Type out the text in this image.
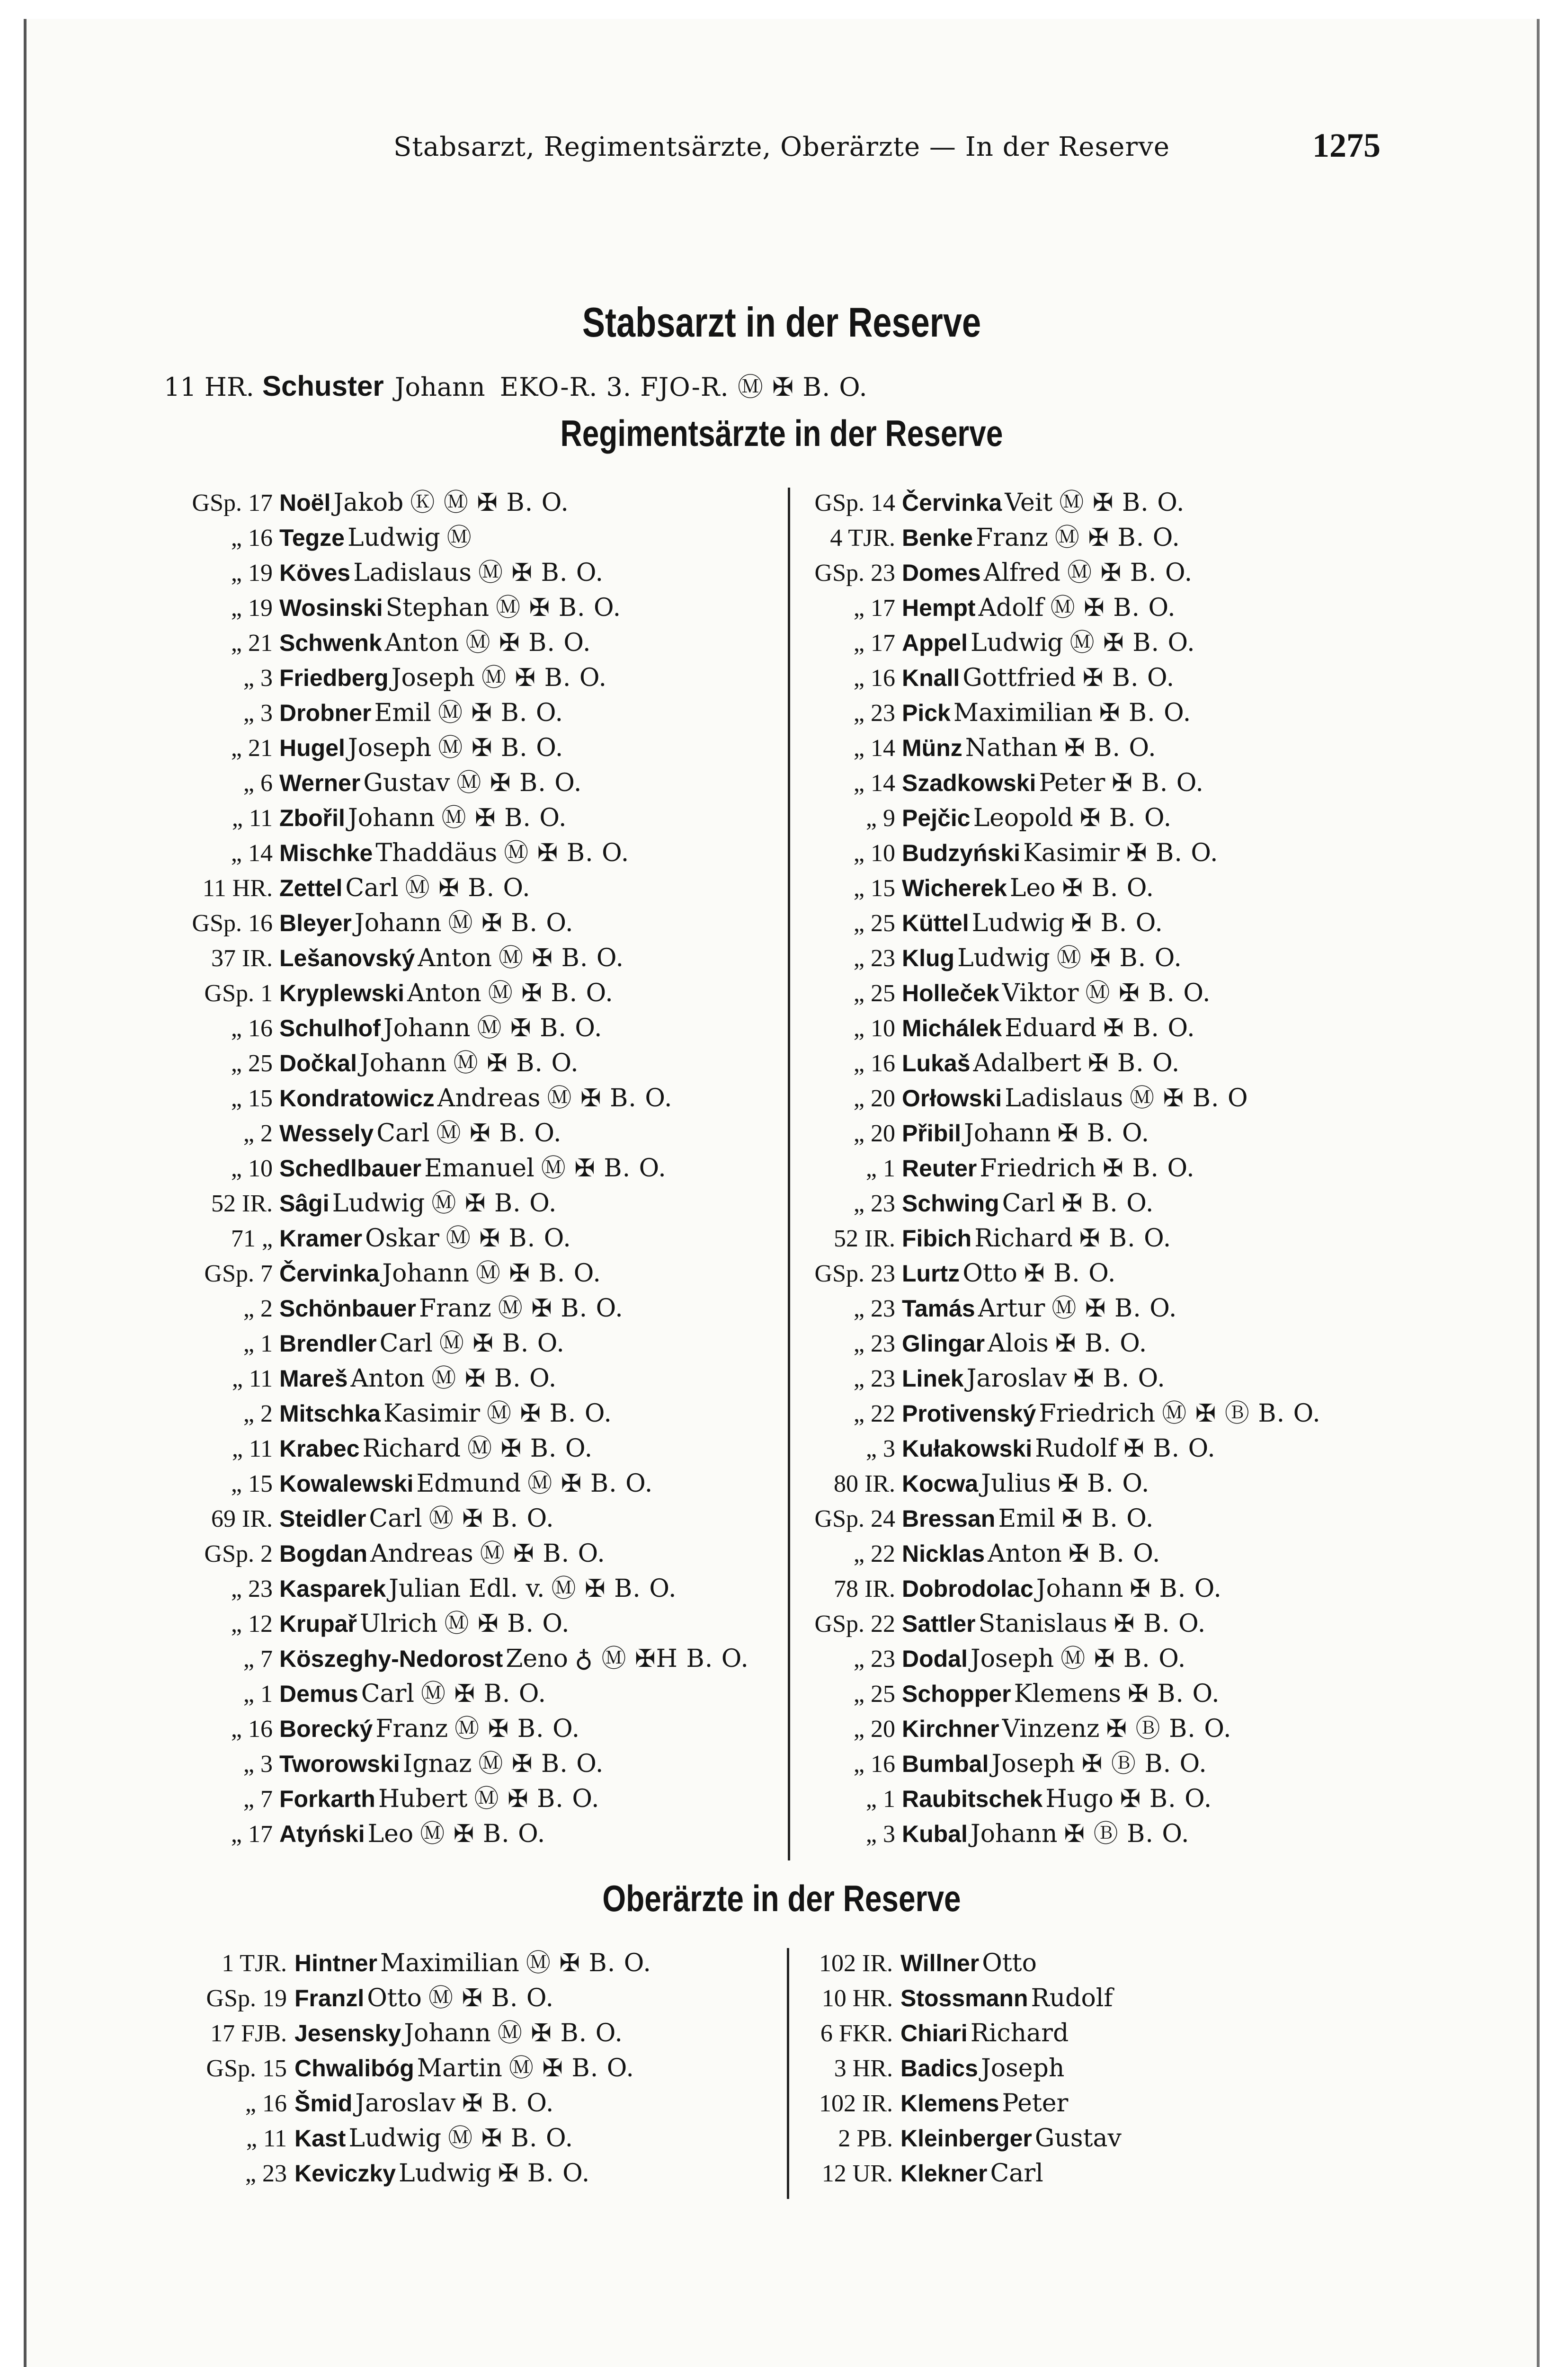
Stabsarzt, Regimentsärzte, Oberärzte — In der Reserve	1275
Stabsarzt in der Reserve
11 HR. Schuster Johann EKO-R. 3. FJO-R. Ⓜ ✠ B. O.
Regimentsärzte in der Reserve
GSp. 17 Noël Jakob Ⓚ Ⓜ ✠ B. O.
„ 16 Tegze Ludwig Ⓜ
„ 19 Köves Ladislaus Ⓜ ✠ B. O.
„ 19 Wosinski Stephan Ⓜ ✠ B. O.
„ 21 Schwenk Anton Ⓜ ✠ B. O.
„ 3 Friedberg Joseph Ⓜ ✠ B. O.
„ 3 Drobner Emil Ⓜ ✠ B. O.
„ 21 Hugel Joseph Ⓜ ✠ B. O.
„ 6 Werner Gustav Ⓜ ✠ B. O.
„ 11 Zbořil Johann Ⓜ ✠ B. O.
„ 14 Mischke Thaddäus Ⓜ ✠ B. O.
11 HR. Zettel Carl Ⓜ ✠ B. O.
GSp. 16 Bleyer Johann Ⓜ ✠ B. O.
37 IR. Lešanovský Anton Ⓜ ✠ B. O.
GSp. 1 Kryplewski Anton Ⓜ ✠ B. O.
„ 16 Schulhof Johann Ⓜ ✠ B. O.
„ 25 Dočkal Johann Ⓜ ✠ B. O.
„ 15 Kondratowicz Andreas Ⓜ ✠ B. O.
„ 2 Wessely Carl Ⓜ ✠ B. O.
„ 10 Schedlbauer Emanuel Ⓜ ✠ B. O.
52 IR. Sâgi Ludwig Ⓜ ✠ B. O.
71 „ Kramer Oskar Ⓜ ✠ B. O.
GSp. 7 Červinka Johann Ⓜ ✠ B. O.
„ 2 Schönbauer Franz Ⓜ ✠ B. O.
„ 1 Brendler Carl Ⓜ ✠ B. O.
„ 11 Mareš Anton Ⓜ ✠ B. O.
„ 2 Mitschka Kasimir Ⓜ ✠ B. O.
„ 11 Krabec Richard Ⓜ ✠ B. O.
„ 15 Kowalewski Edmund Ⓜ ✠ B. O.
69 IR. Steidler Carl Ⓜ ✠ B. O.
GSp. 2 Bogdan Andreas Ⓜ ✠ B. O.
„ 23 Kasparek Julian Edl. v. Ⓜ ✠ B. O.
„ 12 Krupař Ulrich Ⓜ ✠ B. O.
„ 7 Köszeghy-Nedorost Zeno ♁ Ⓜ ✠H B. O.
„ 1 Demus Carl Ⓜ ✠ B. O.
„ 16 Borecký Franz Ⓜ ✠ B. O.
„ 3 Tworowski Ignaz Ⓜ ✠ B. O.
„ 7 Forkarth Hubert Ⓜ ✠ B. O.
„ 17 Atyński Leo Ⓜ ✠ B. O.
GSp. 14 Červinka Veit Ⓜ ✠ B. O.
4 TJR. Benke Franz Ⓜ ✠ B. O.
GSp. 23 Domes Alfred Ⓜ ✠ B. O.
„ 17 Hempt Adolf Ⓜ ✠ B. O.
„ 17 Appel Ludwig Ⓜ ✠ B. O.
„ 16 Knall Gottfried ✠ B. O.
„ 23 Pick Maximilian ✠ B. O.
„ 14 Münz Nathan ✠ B. O.
„ 14 Szadkowski Peter ✠ B. O.
„ 9 Pejčic Leopold ✠ B. O.
„ 10 Budzyński Kasimir ✠ B. O.
„ 15 Wicherek Leo ✠ B. O.
„ 25 Küttel Ludwig ✠ B. O.
„ 23 Klug Ludwig Ⓜ ✠ B. O.
„ 25 Holleček Viktor Ⓜ ✠ B. O.
„ 10 Michálek Eduard ✠ B. O.
„ 16 Lukaš Adalbert ✠ B. O.
„ 20 Orłowski Ladislaus Ⓜ ✠ B. O
„ 20 Přibil Johann ✠ B. O.
„ 1 Reuter Friedrich ✠ B. O.
„ 23 Schwing Carl ✠ B. O.
52 IR. Fibich Richard ✠ B. O.
GSp. 23 Lurtz Otto ✠ B. O.
„ 23 Tamás Artur Ⓜ ✠ B. O.
„ 23 Glingar Alois ✠ B. O.
„ 23 Linek Jaroslav ✠ B. O.
„ 22 Protivenský Friedrich Ⓜ ✠ Ⓑ B. O.
„ 3 Kułakowski Rudolf ✠ B. O.
80 IR. Kocwa Julius ✠ B. O.
GSp. 24 Bressan Emil ✠ B. O.
„ 22 Nicklas Anton ✠ B. O.
78 IR. Dobrodolac Johann ✠ B. O.
GSp. 22 Sattler Stanislaus ✠ B. O.
„ 23 Dodal Joseph Ⓜ ✠ B. O.
„ 25 Schopper Klemens ✠ B. O.
„ 20 Kirchner Vinzenz ✠ Ⓑ B. O.
„ 16 Bumbal Joseph ✠ Ⓑ B. O.
„ 1 Raubitschek Hugo ✠ B. O.
„ 3 Kubal Johann ✠ Ⓑ B. O.
Oberärzte in der Reserve
1 TJR. Hintner Maximilian Ⓜ ✠ B. O.
GSp. 19 Franzl Otto Ⓜ ✠ B. O.
17 FJB. Jesensky Johann Ⓜ ✠ B. O.
GSp. 15 Chwalibóg Martin Ⓜ ✠ B. O.
„ 16 Šmid Jaroslav ✠ B. O.
„ 11 Kast Ludwig Ⓜ ✠ B. O.
„ 23 Keviczky Ludwig ✠ B. O.
102 IR. Willner Otto
10 HR. Stossmann Rudolf
6 FKR. Chiari Richard
3 HR. Badics Joseph
102 IR. Klemens Peter
2 PB. Kleinberger Gustav
12 UR. Klekner Carl
